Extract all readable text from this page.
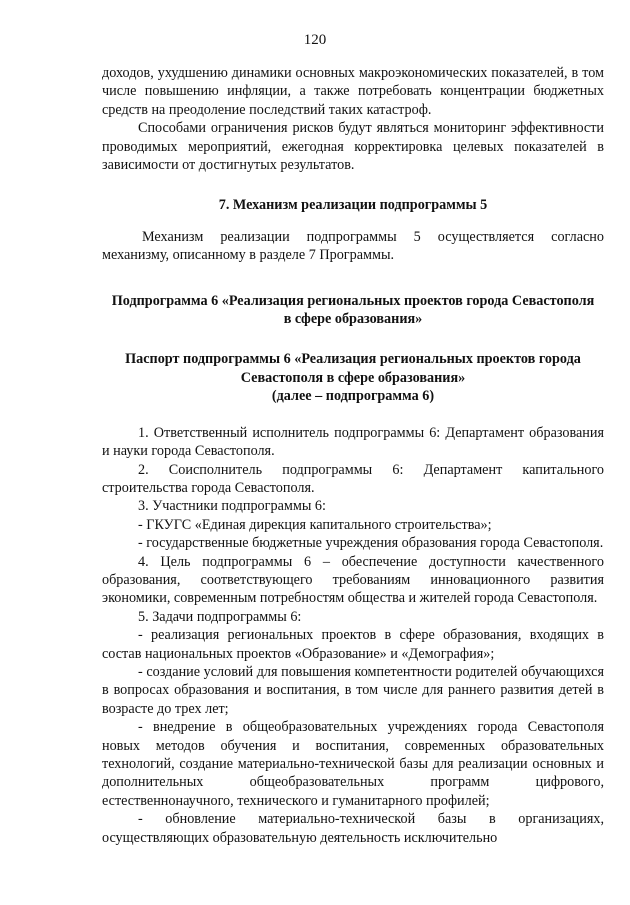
120

доходов, ухудшению динамики основных макроэкономических показателей, в том числе повышению инфляции, а также потребовать концентрации бюджетных средств на преодоление последствий таких катастроф.

Способами ограничения рисков будут являться мониторинг эффективности проводимых мероприятий, ежегодная корректировка целевых показателей в зависимости от достигнутых результатов.

7. Механизм реализации подпрограммы 5

Механизм реализации подпрограммы 5 осуществляется согласно механизму, описанному в разделе 7 Программы.

Подпрограмма 6 «Реализация региональных проектов города Севастополя

в сфере образования»

Паспорт подпрограммы 6 «Реализация региональных проектов города

Севастополя в сфере образования»

(далее – подпрограмма 6)

1. Ответственный исполнитель подпрограммы 6: Департамент образования и науки города Севастополя.

2. Соисполнитель подпрограммы 6: Департамент капитального строительства города Севастополя.

3. Участники подпрограммы 6:

- ГКУГС «Единая дирекция капитального строительства»;

- государственные бюджетные учреждения образования города Севастополя.

4. Цель подпрограммы 6 – обеспечение доступности качественного образования, соответствующего требованиям инновационного развития экономики, современным потребностям общества и жителей города Севастополя.

5. Задачи подпрограммы 6:

- реализация региональных проектов в сфере образования, входящих в состав национальных проектов «Образование» и «Демография»;

- создание условий для повышения компетентности родителей обучающихся в вопросах образования и воспитания, в том числе для раннего развития детей в возрасте до трех лет;

- внедрение в общеобразовательных учреждениях города Севастополя новых методов обучения и воспитания, современных образовательных технологий, создание материально-технической базы для реализации основных и дополнительных общеобразовательных программ цифрового, естественнонаучного, технического и гуманитарного профилей;

- обновление материально-технической базы в организациях, осуществляющих образовательную деятельность исключительно
